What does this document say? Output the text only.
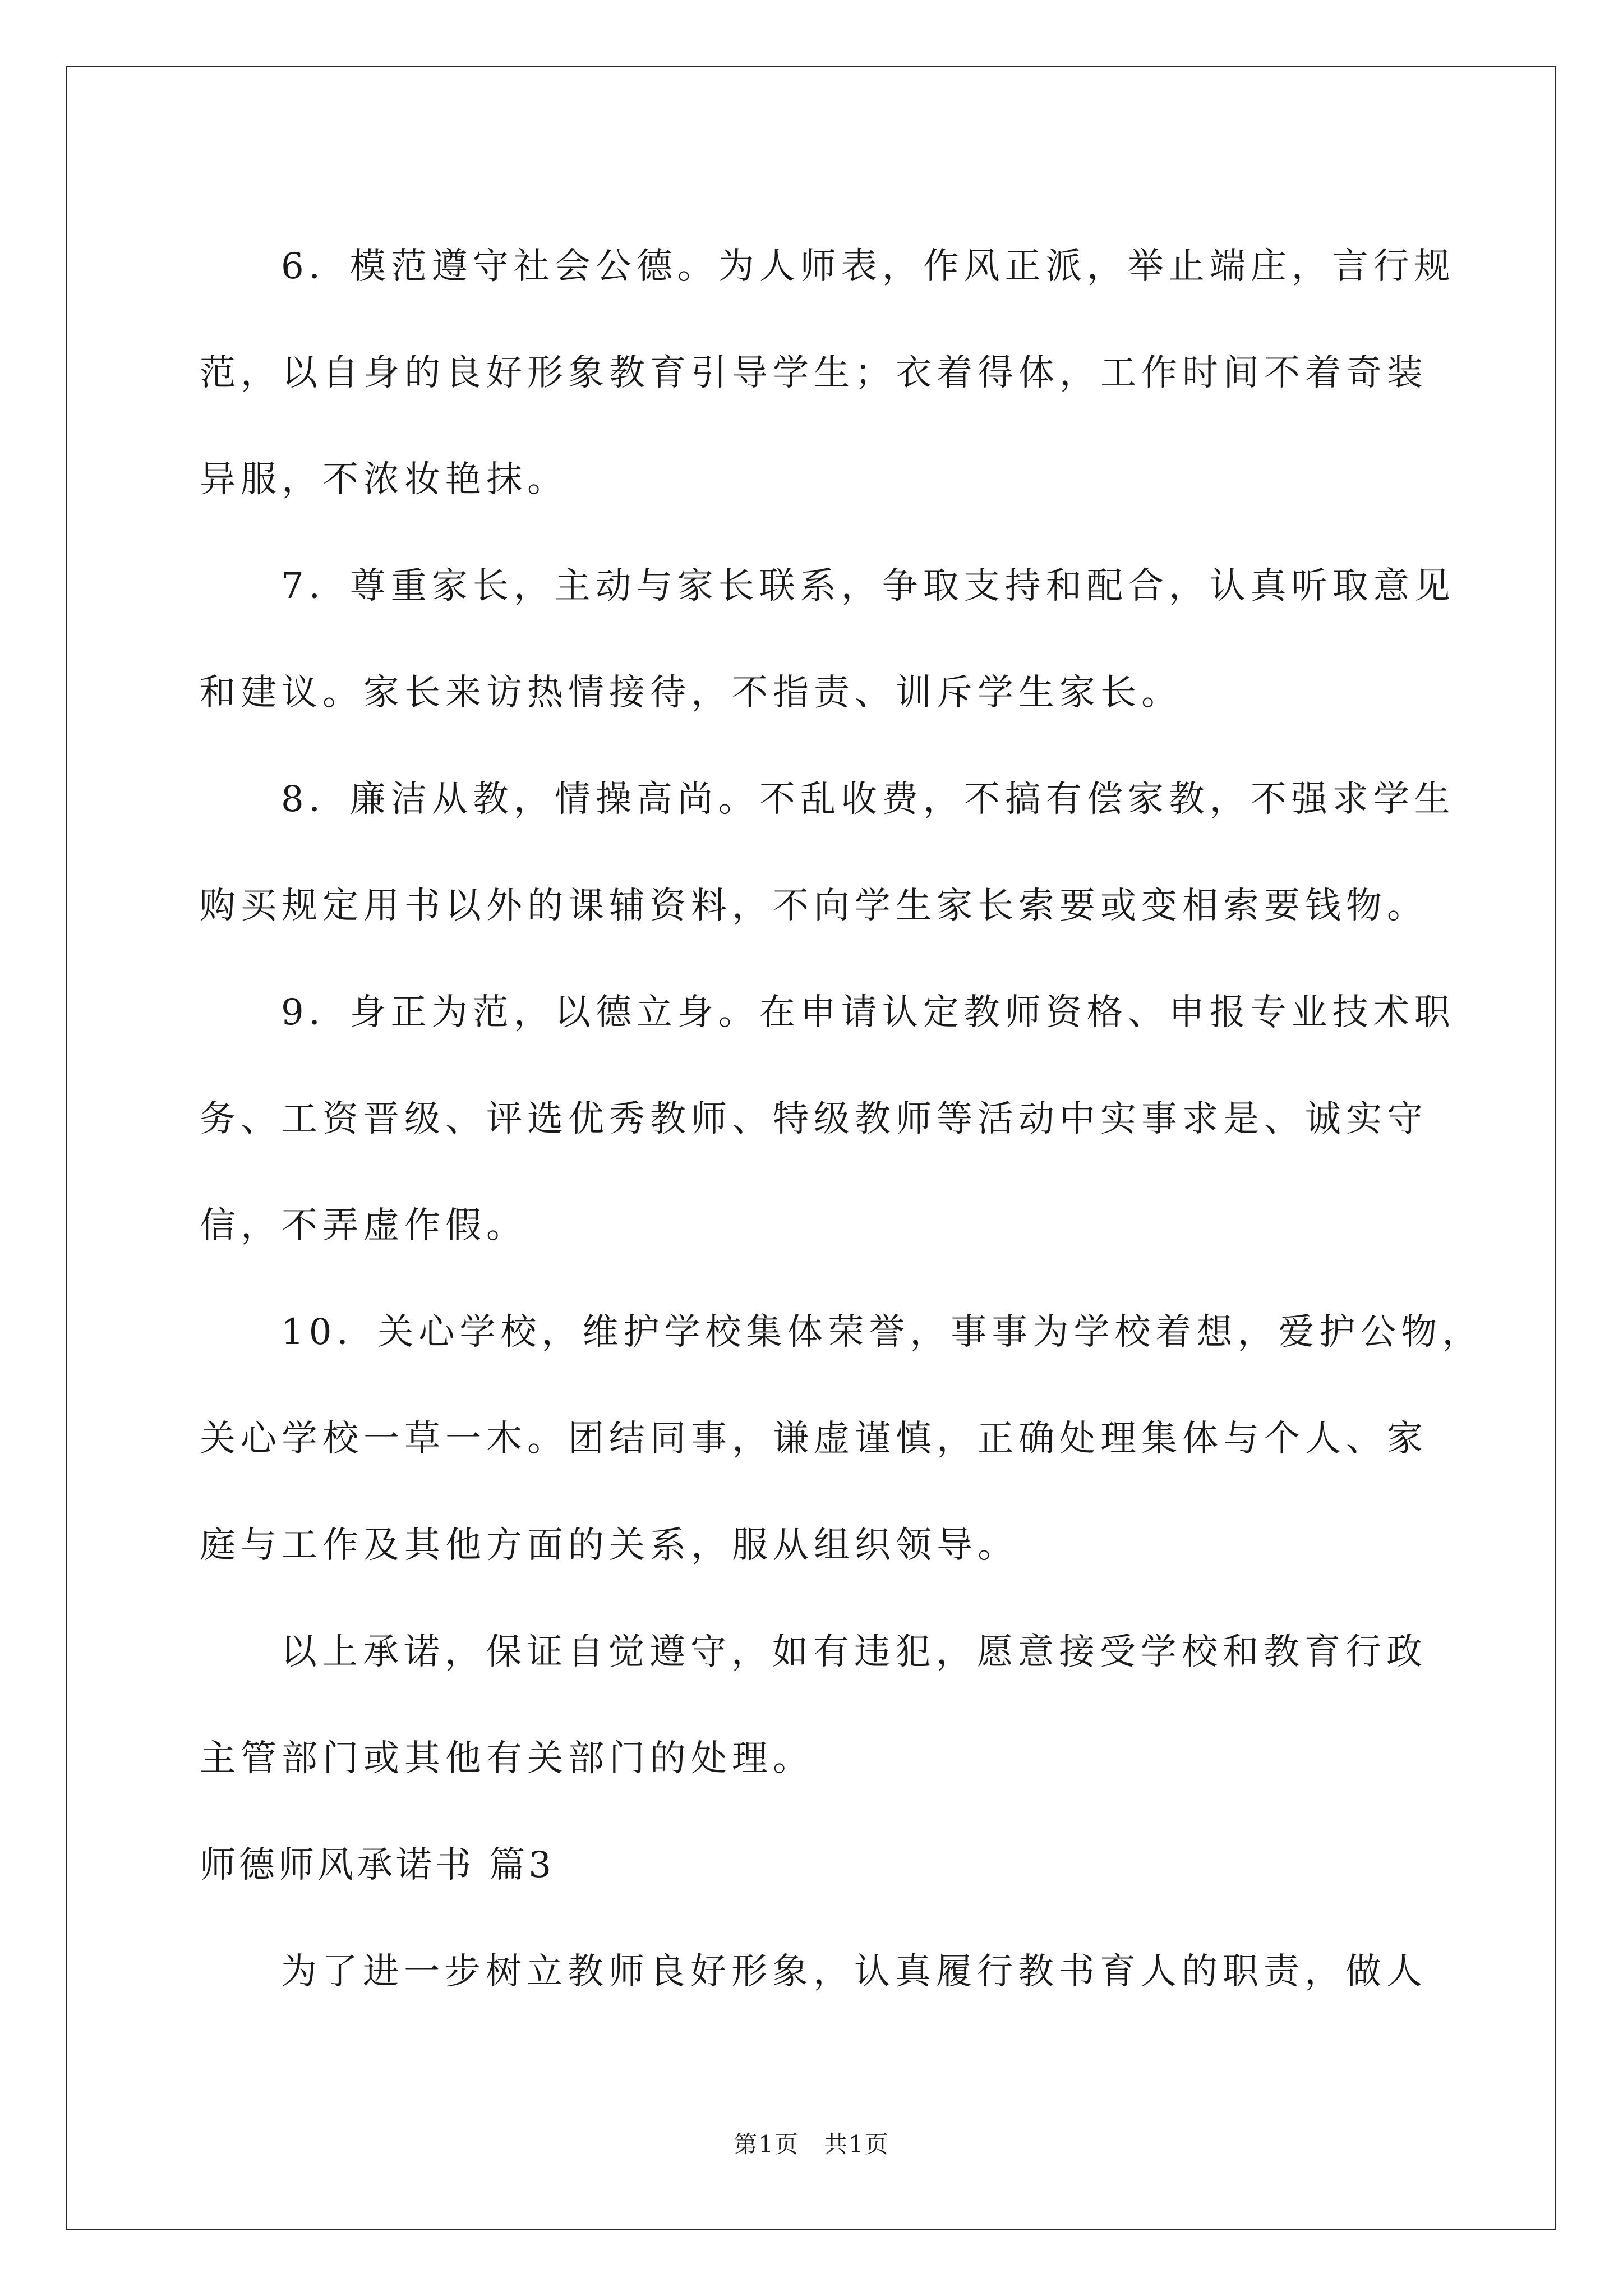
6．模范遵守社会公德。为人师表，作风正派，举止端庄，言行规
范，以自身的良好形象教育引导学生；衣着得体，工作时间不着奇装
异服，不浓妆艳抹。
7．尊重家长，主动与家长联系，争取支持和配合，认真听取意见
和建议。家长来访热情接待，不指责、训斥学生家长。
8．廉洁从教，情操高尚。不乱收费，不搞有偿家教，不强求学生
购买规定用书以外的课辅资料，不向学生家长索要或变相索要钱物。
9．身正为范，以德立身。在申请认定教师资格、申报专业技术职
务、工资晋级、评选优秀教师、特级教师等活动中实事求是、诚实守
信，不弄虚作假。
10．关心学校，维护学校集体荣誉，事事为学校着想，爱护公物，
关心学校一草一木。团结同事，谦虚谨慎，正确处理集体与个人、家
庭与工作及其他方面的关系，服从组织领导。
以上承诺，保证自觉遵守，如有违犯，愿意接受学校和教育行政
主管部门或其他有关部门的处理。
师德师风承诺书 篇3
为了进一步树立教师良好形象，认真履行教书育人的职责，做人
第1页　共1页
